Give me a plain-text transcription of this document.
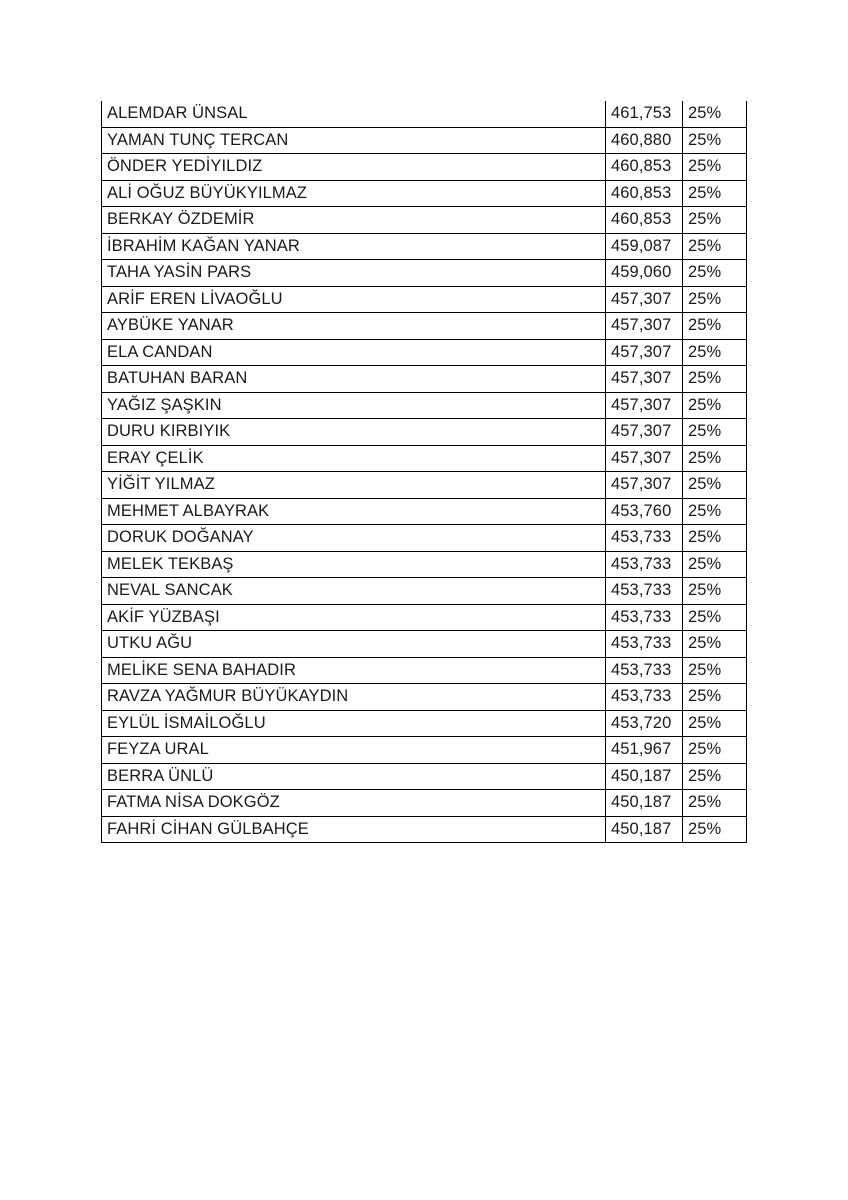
ALEMDAR ÜNSAL	461,753	25%
YAMAN TUNÇ TERCAN	460,880	25%
ÖNDER YEDİYILDIZ	460,853	25%
ALİ OĞUZ BÜYÜKYILMAZ	460,853	25%
BERKAY ÖZDEMİR	460,853	25%
İBRAHİM KAĞAN YANAR	459,087	25%
TAHA YASİN PARS	459,060	25%
ARİF EREN LİVAOĞLU	457,307	25%
AYBÜKE YANAR	457,307	25%
ELA CANDAN	457,307	25%
BATUHAN BARAN	457,307	25%
YAĞIZ ŞAŞKIN	457,307	25%
DURU KIRBIYIK	457,307	25%
ERAY ÇELİK	457,307	25%
YİĞİT YILMAZ	457,307	25%
MEHMET ALBAYRAK	453,760	25%
DORUK DOĞANAY	453,733	25%
MELEK TEKBAŞ	453,733	25%
NEVAL SANCAK	453,733	25%
AKİF YÜZBAŞI	453,733	25%
UTKU AĞU	453,733	25%
MELİKE SENA BAHADIR	453,733	25%
RAVZA YAĞMUR BÜYÜKAYDIN	453,733	25%
EYLÜL İSMAİLOĞLU	453,720	25%
FEYZA URAL	451,967	25%
BERRA ÜNLÜ	450,187	25%
FATMA NİSA DOKGÖZ	450,187	25%
FAHRİ CİHAN GÜLBAHÇE	450,187	25%
